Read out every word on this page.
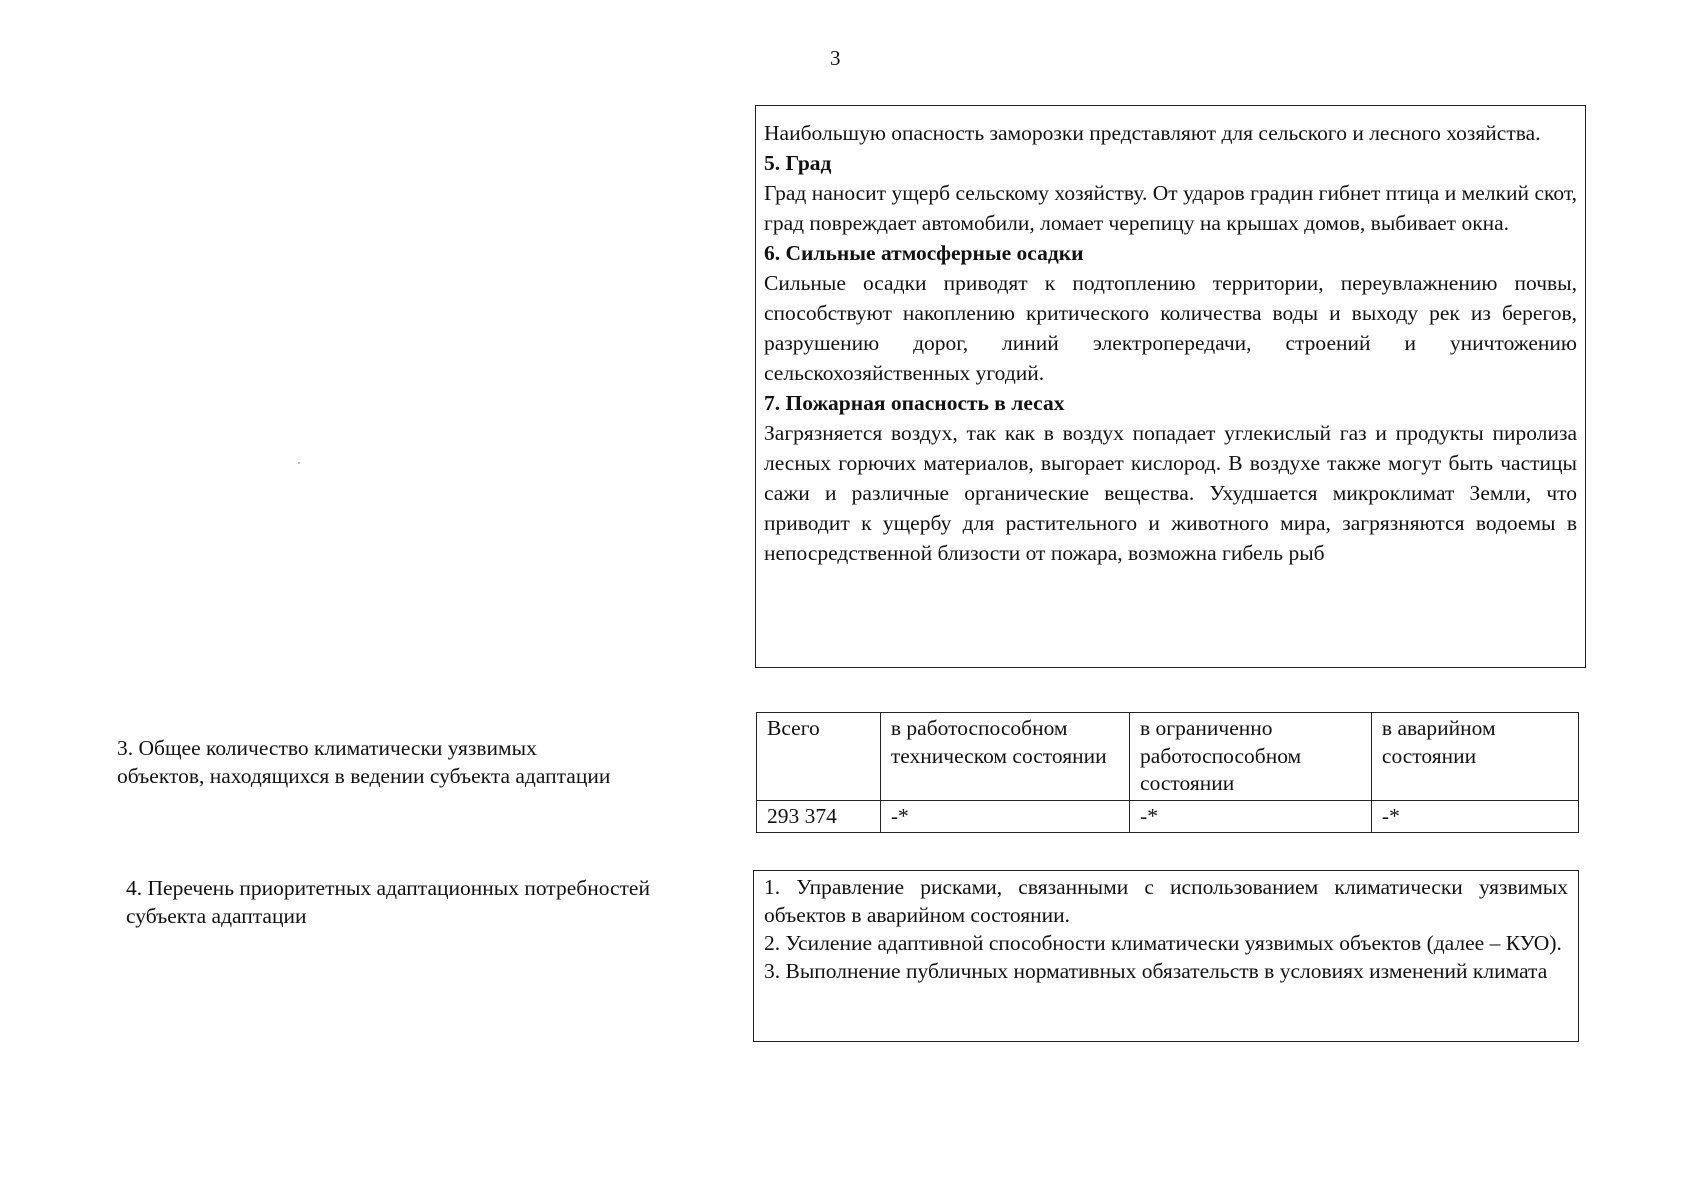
3

Наибольшую опасность заморозки представляют для сельского и лесного хозяйства.

5. Град

Град наносит ущерб сельскому хозяйству. От ударов градин гибнет птица и мелкий скот, град повреждает автомобили, ломает черепицу на крышах домов, выбивает окна.

6. Сильные атмосферные осадки

Сильные осадки приводят к подтоплению территории, переувлажнению почвы, способствуют накоплению критического количества воды и выходу рек из берегов, разрушению дорог, линий электропередачи, строений и уничтожению сельскохозяйственных угодий.

7. Пожарная опасность в лесах

Загрязняется воздух, так как в воздух попадает углекислый газ и продукты пиролиза лесных горючих материалов, выгорает кислород. В воздухе также могут быть частицы сажи и различные органические вещества. Ухудшается микроклимат Земли, что приводит к ущербу для растительного и животного мира, загрязняются водоемы в непосредственной близости от пожара, возможна гибель рыб

3. Общее количество климатически уязвимых объектов, находящихся в ведении субъекта адаптации
Всего	в работоспособном техническом состоянии	в ограниченно работоспособном состоянии	в аварийном состоянии
293 374	-*	-*	-*
4. Перечень приоритетных адаптационных потребностей субъекта адаптации

1. Управление рисками, связанными с использованием климатически уязвимых объектов в аварийном состоянии.

2. Усиление адаптивной способности климатически уязвимых объектов (далее – КУО).

3. Выполнение публичных нормативных обязательств в условиях изменений климата
